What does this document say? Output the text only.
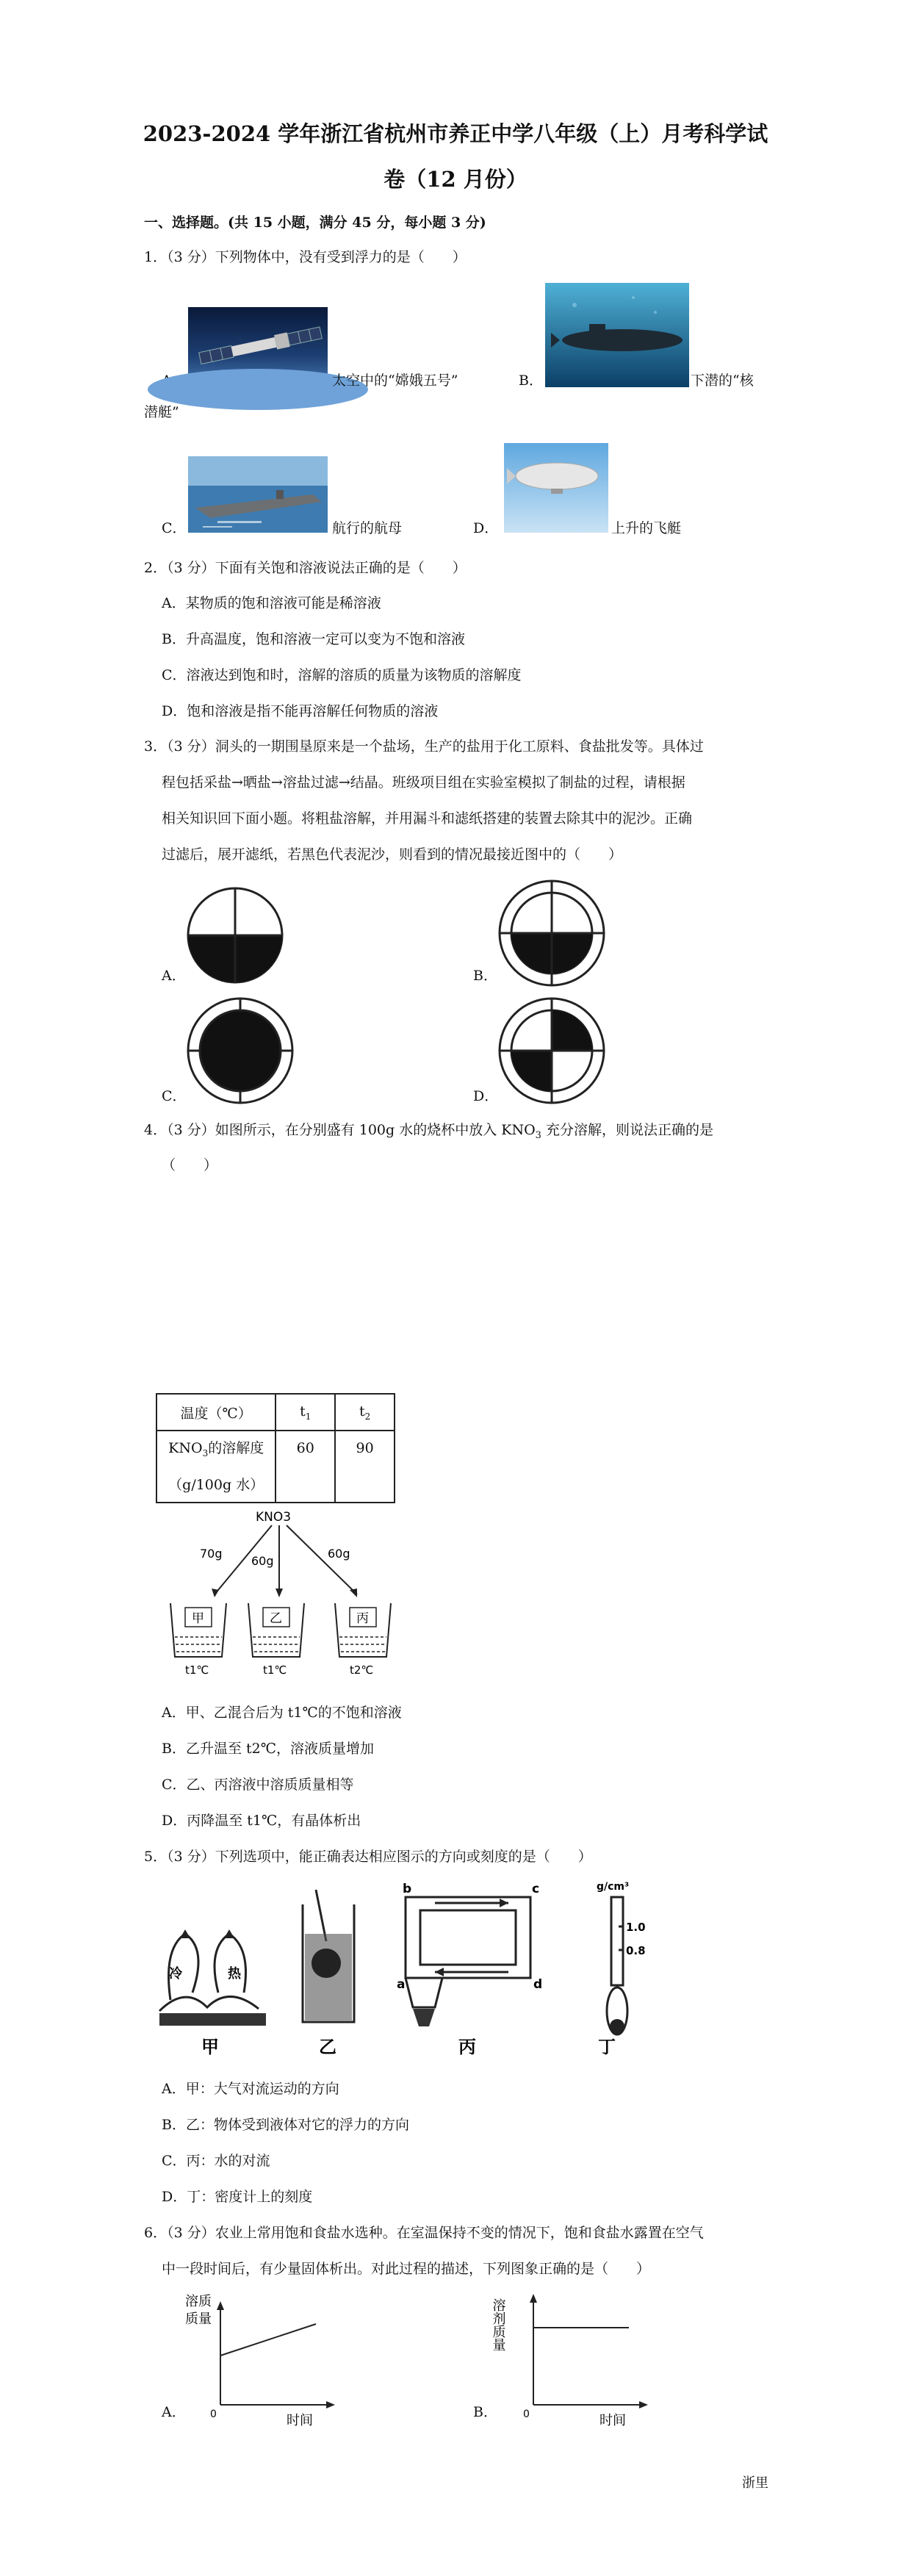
2023-2024 学年浙江省杭州市养正中学八年级（上）月考科学试
卷（12 月份）
一、选择题。(共 15 小题，满分 45 分，每小题 3 分)
1．（3 分）下列物体中，没有受到浮力的是（　　）
太空中的“嫦娥五号”	B．	下潜的“核
潜艇”
C．	航行的航母	D．	上升的飞艇
2．（3 分）下面有关饱和溶液说法正确的是（　　）
A．某物质的饱和溶液可能是稀溶液
B．升高温度，饱和溶液一定可以变为不饱和溶液
C．溶液达到饱和时，溶解的溶质的质量为该物质的溶解度
D．饱和溶液是指不能再溶解任何物质的溶液
3．（3 分）洞头的一期围垦原来是一个盐场，生产的盐用于化工原料、食盐批发等。具体过
程包括采盐→晒盐→溶盐过滤→结晶。班级项目组在实验室模拟了制盐的过程，请根据
相关知识回下面小题。将粗盐溶解，并用漏斗和滤纸搭建的装置去除其中的泥沙。正确
过滤后，展开滤纸，若黑色代表泥沙，则看到的情况最接近图中的（　　）
A．	B．
C．	D．
4．（3 分）如图所示，在分别盛有 100g 水的烧杯中放入 $KNO_3$ 充分溶解，则说法正确的是
（　　）
温度（℃）	$t_1$	$t_2$

$KNO_3$的溶解度
（g/100g 水）	60	90
KNO3
70g
60g
60g
甲	乙	丙
t1℃	t1℃	t2℃
A．甲、乙混合后为 t1℃的不饱和溶液
B．乙升温至 t2℃，溶液质量增加
C．乙、丙溶液中溶质质量相等
D．丙降温至 t1℃，有晶体析出
5．（3 分）下列选项中，能正确表达相应图示的方向或刻度的是（　　）
冷	热
甲	乙
b	c
d
a
丙
g/cm³
1.0
0.8
丁
A．甲：大气对流运动的方向
B．乙：物体受到液体对它的浮力的方向
C．丙：水的对流
D．丁：密度计上的刻度
6．（3 分）农业上常用饱和食盐水选种。在室温保持不变的情况下，饱和食盐水露置在空气
中一段时间后，有少量固体析出。对此过程的描述，下列图象正确的是（　　）
A．
溶质
质量
0	时间
B．
溶剂质量
0	时间
浙里
